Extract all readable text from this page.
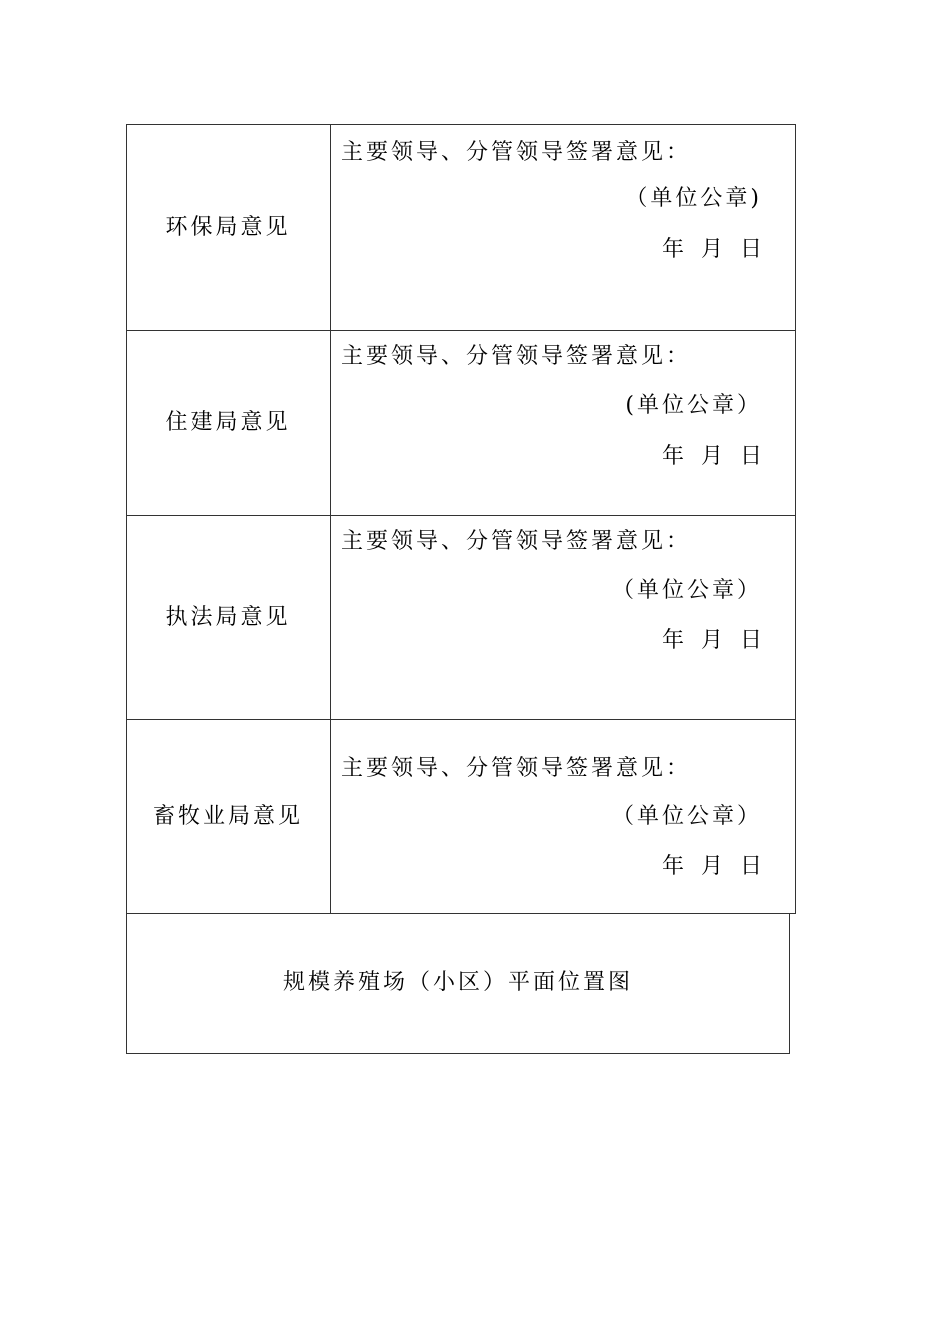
环保局意见
主要领导、分管领导签署意见：
（单位公章)
年 月 日
住建局意见
主要领导、分管领导签署意见：
(单位公章）
年 月 日
执法局意见
主要领导、分管领导签署意见：
（单位公章）
年 月 日
畜牧业局意见
主要领导、分管领导签署意见：
（单位公章）
年 月 日
规模养殖场（小区）平面位置图
